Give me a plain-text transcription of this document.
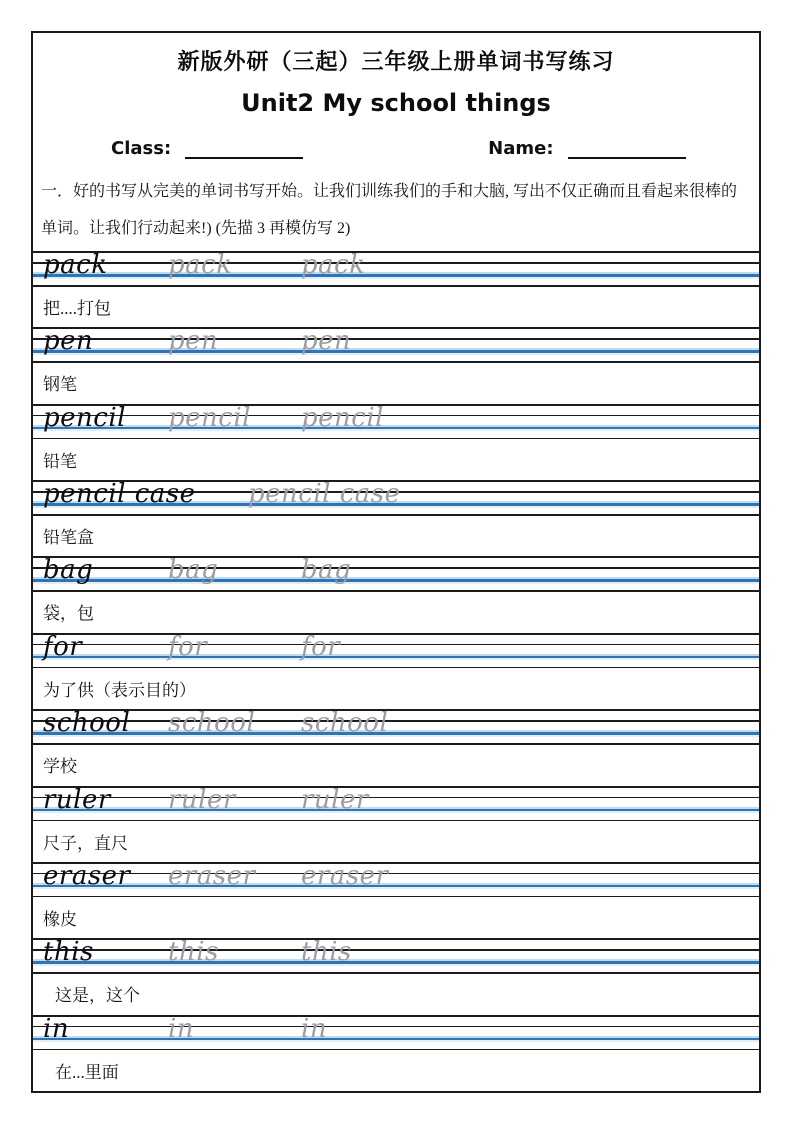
新版外研（三起）三年级上册单词书写练习
Unit2 My school things
Class:	Name:

一．好的书写从完美的单词书写开始。让我们训练我们的手和大脑, 写出不仅正确而且看起来很棒的单词。让我们行动起来!) (先描 3 再模仿写 2)

pack pack	pack
把....打包
pen	pen	pen
钢笔
pencil pencil pencil
铅笔
pencil case pencil case
铅笔盒
bag	bag	bag
袋，包
for	for	for
为了供（表示目的）
school school school
学校
ruler ruler	ruler
尺子，直尺
eraser eraser eraser
橡皮
this	this	this
这是，这个
in	in	in
在...里面
